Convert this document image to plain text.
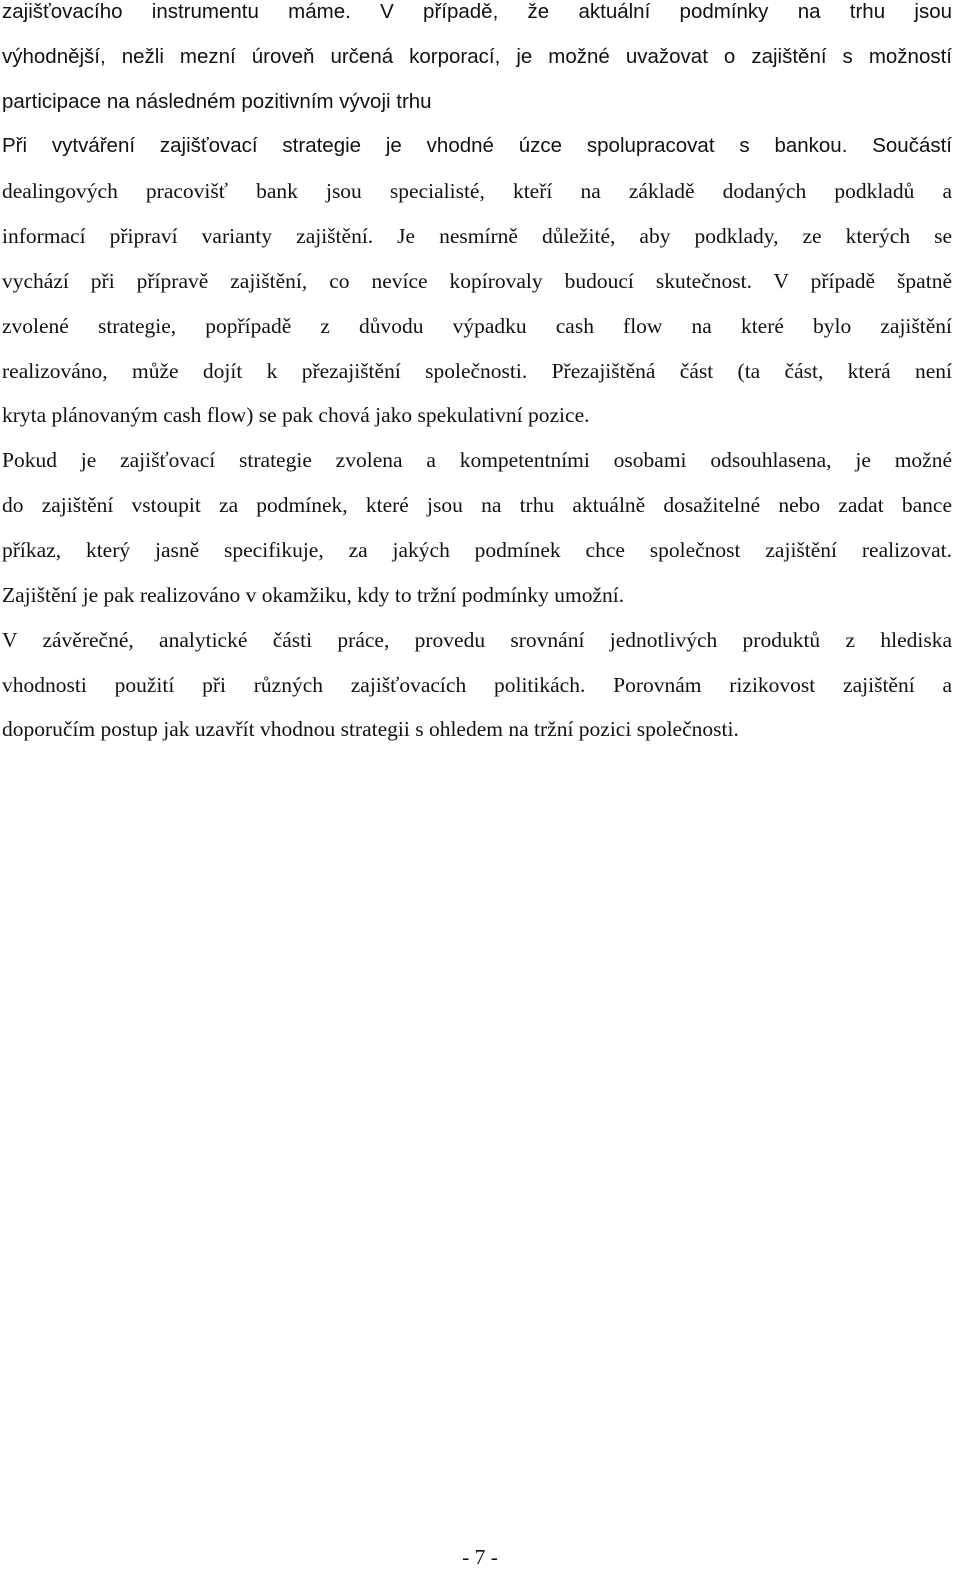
zajišťovacího instrumentu máme. V případě, že aktuální podmínky na trhu jsou
výhodnější, nežli mezní úroveň určená korporací, je možné uvažovat o zajištění s možností
participace na následném pozitivním vývoji trhu
Při vytváření zajišťovací strategie je vhodné úzce spolupracovat s bankou. Součástí
dealingových pracovišť bank jsou specialisté, kteří na základě dodaných podkladů a
informací připraví varianty zajištění. Je nesmírně důležité, aby podklady, ze kterých se
vychází při přípravě zajištění, co nevíce kopírovaly budoucí skutečnost. V případě špatně
zvolené strategie, popřípadě z důvodu výpadku cash flow na které bylo zajištění
realizováno, může dojít k přezajištění společnosti. Přezajištěná část (ta část, která není
kryta plánovaným cash flow) se pak chová jako spekulativní pozice.
Pokud je zajišťovací strategie zvolena a kompetentními osobami odsouhlasena, je možné
do zajištění vstoupit za podmínek, které jsou na trhu aktuálně dosažitelné nebo zadat bance
příkaz, který jasně specifikuje, za jakých podmínek chce společnost zajištění realizovat.
Zajištění je pak realizováno v okamžiku, kdy to tržní podmínky umožní.
V závěrečné, analytické části práce, provedu srovnání jednotlivých produktů z hlediska
vhodnosti použití při různých zajišťovacích politikách. Porovnám rizikovost zajištění a
doporučím postup jak uzavřít vhodnou strategii s ohledem na tržní pozici společnosti.
- 7 -
